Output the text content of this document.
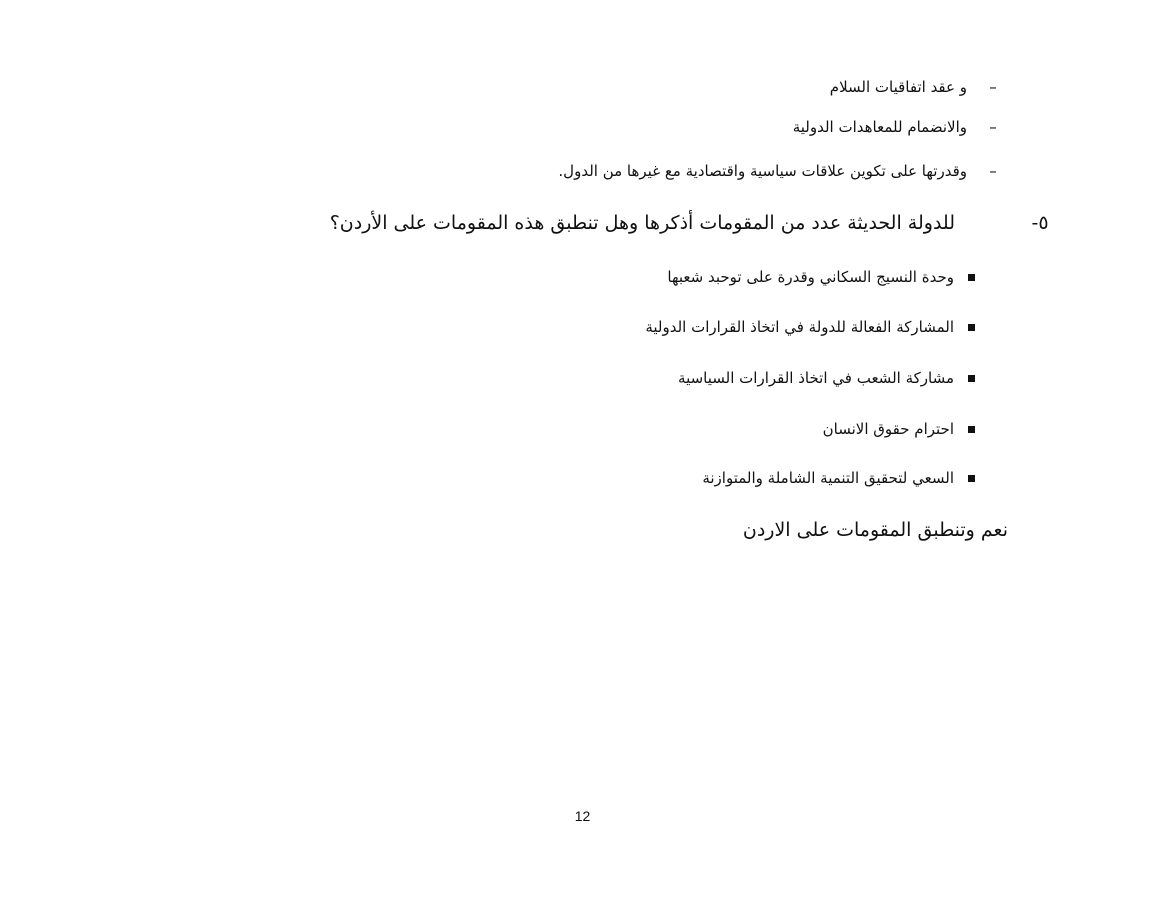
–
و عقد اتفاقيات السلام
–
والانضمام للمعاهدات الدولية
–
وقدرتها على تكوين علاقات سياسية واقتصادية مع غيرها من الدول.
٥-
للدولة الحديثة عدد من المقومات أذكرها وهل تنطبق هذه المقومات على الأردن؟
وحدة النسيج السكاني وقدرة على توحبد شعبها
المشاركة الفعالة للدولة في اتخاذ القرارات الدولية
مشاركة الشعب في اتخاذ القرارات السياسية
احترام حقوق الانسان
السعي لتحقيق التنمية الشاملة والمتوازنة
نعم وتنطبق المقومات على الاردن
12
